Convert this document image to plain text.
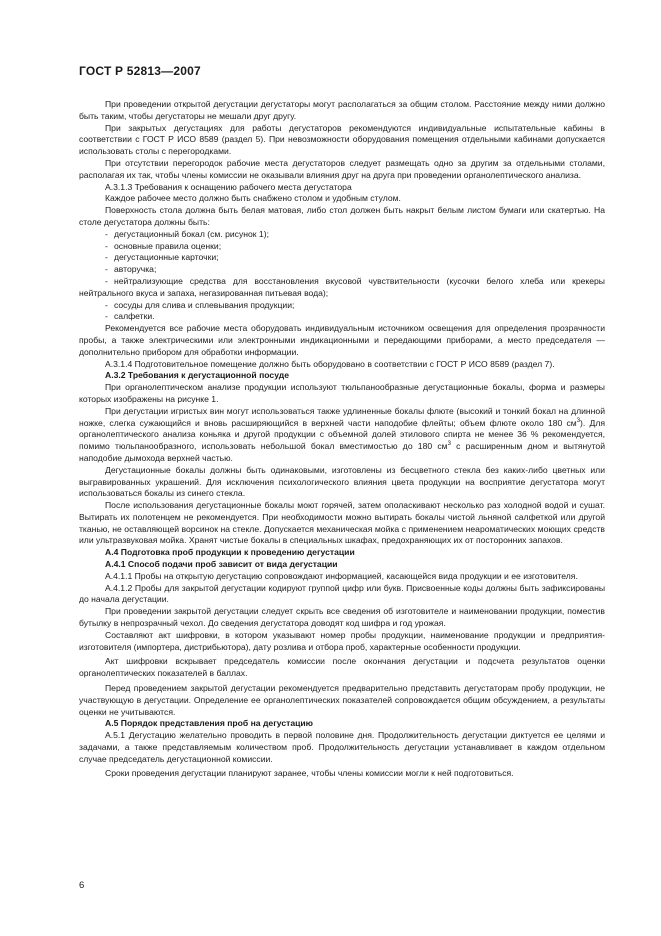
ГОСТ Р 52813—2007

При проведении открытой дегустации дегустаторы могут располагаться за общим столом. Расстояние между ними должно быть таким, чтобы дегустаторы не мешали друг другу.

При закрытых дегустациях для работы дегустаторов рекомендуются индивидуальные испытательные кабины в соответствии с ГОСТ Р ИСО 8589 (раздел 5). При невозможности оборудования помещения отдельными кабинами допускается использовать столы с перегородками.

При отсутствии перегородок рабочие места дегустаторов следует размещать одно за другим за отдельными столами, располагая их так, чтобы члены комиссии не оказывали влияния друг на друга при проведении органолептического анализа.

А.3.1.3 Требования к оснащению рабочего места дегустатора

Каждое рабочее место должно быть снабжено столом и удобным стулом.

Поверхность стола должна быть белая матовая, либо стол должен быть накрыт белым листом бумаги или скатертью. На столе дегустатора должны быть:

- дегустационный бокал (см. рисунок 1);
- основные правила оценки;
- дегустационные карточки;
- авторучка;
- нейтрализующие средства для восстановления вкусовой чувствительности (кусочки белого хлеба или крекеры нейтрального вкуса и запаха, негазированная питьевая вода);
- сосуды для слива и сплевывания продукции;
- салфетки.

Рекомендуется все рабочие места оборудовать индивидуальным источником освещения для определения прозрачности пробы, а также электрическими или электронными индикационными и передающими приборами, а место председателя — дополнительно прибором для обработки информации.

А.3.1.4 Подготовительное помещение должно быть оборудовано в соответствии с ГОСТ Р ИСО 8589 (раздел 7).

А.3.2 Требования к дегустационной посуде

При органолептическом анализе продукции используют тюльпанообразные дегустационные бокалы, форма и размеры которых изображены на рисунке 1.

При дегустации игристых вин могут использоваться также удлиненные бокалы флюте (высокий и тонкий бокал на длинной ножке, слегка сужающийся и вновь расширяющийся в верхней части наподобие флейты; объем флюте около 180 $см^3$). Для органолептического анализа коньяка и другой продукции с объемной долей этилового спирта не менее 36 % рекомендуется, помимо тюльпанообразного, использовать небольшой бокал вместимостью до 180 $см^3$ с расширенным дном и вытянутой наподобие дымохода верхней частью.

Дегустационные бокалы должны быть одинаковыми, изготовлены из бесцветного стекла без каких-либо цветных или выгравированных украшений. Для исключения психологического влияния цвета продукции на восприятие дегустатора могут использоваться бокалы из синего стекла.

После использования дегустационные бокалы моют горячей, затем ополаскивают несколько раз холодной водой и сушат. Вытирать их полотенцем не рекомендуется. При необходимости можно вытирать бокалы чистой льняной салфеткой или другой тканью, не оставляющей ворсинок на стекле. Допускается механическая мойка с применением неароматических моющих средств или ультразвуковая мойка. Хранят чистые бокалы в специальных шкафах, предохраняющих их от посторонних запахов.

А.4 Подготовка проб продукции к проведению дегустации

А.4.1 Способ подачи проб зависит от вида дегустации

А.4.1.1 Пробы на открытую дегустацию сопровождают информацией, касающейся вида продукции и ее изготовителя.

А.4.1.2 Пробы для закрытой дегустации кодируют группой цифр или букв. Присвоенные коды должны быть зафиксированы до начала дегустации.

При проведении закрытой дегустации следует скрыть все сведения об изготовителе и наименовании продукции, поместив бутылку в непрозрачный чехол. До сведения дегустатора доводят код шифра и год урожая.

Составляют акт шифровки, в котором указывают номер пробы продукции, наименование продукции и предприятия-изготовителя (импортера, дистрибьютора), дату розлива и отбора проб, характерные особенности продукции.

Акт шифровки вскрывает председатель комиссии после окончания дегустации и подсчета результатов оценки органолептических показателей в баллах.

Перед проведением закрытой дегустации рекомендуется предварительно представить дегустаторам пробу продукции, не участвующую в дегустации. Определение ее органолептических показателей сопровождается общим обсуждением, а результаты оценки не учитываются.

А.5 Порядок представления проб на дегустацию

А.5.1 Дегустацию желательно проводить в первой половине дня. Продолжительность дегустации диктуется ее целями и задачами, а также представляемым количеством проб. Продолжительность дегустации устанавливает в каждом отдельном случае председатель дегустационной комиссии.

Сроки проведения дегустации планируют заранее, чтобы члены комиссии могли к ней подготовиться.

6
